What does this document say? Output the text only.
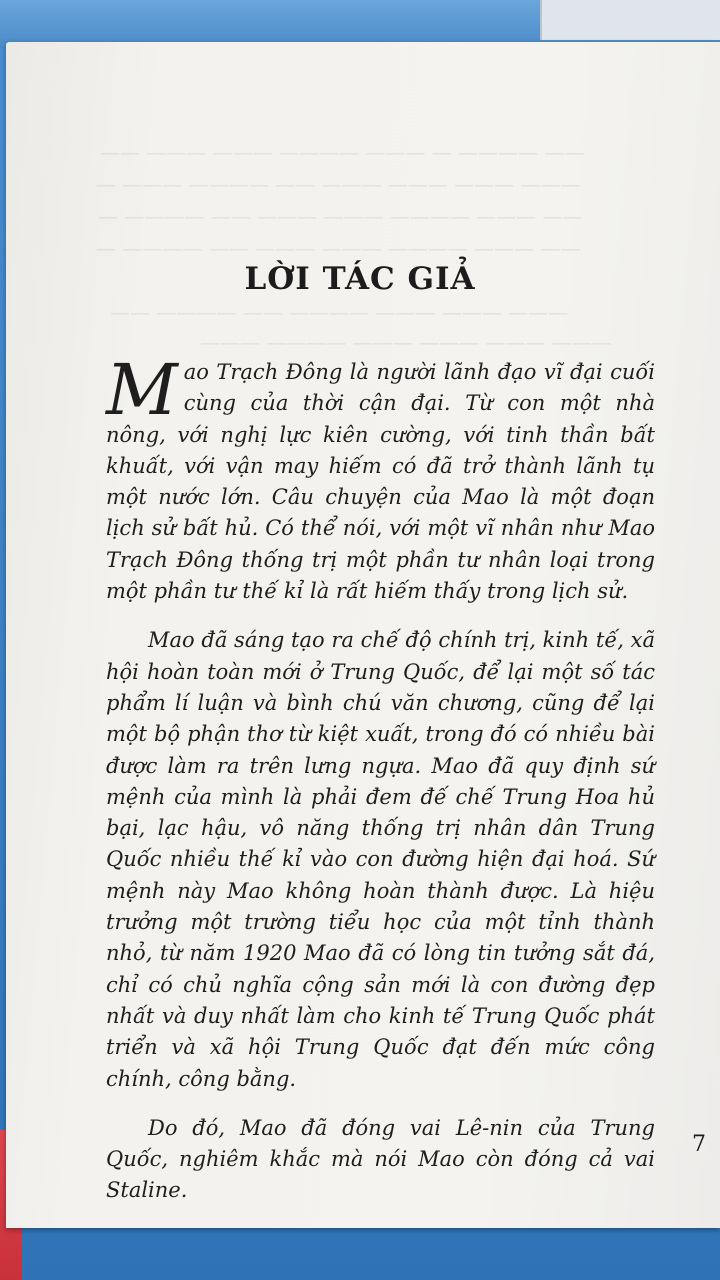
—— ———— — ——— ———— ——— ——— ——
——— ——— ——— ——— —— ———— ——— —
—— ——— ———— ——— ——— —— ———— —
—— ——— ———— ——— ——— —— ———— —
——— ——— ——— ———— —— ———— ——
——— ——— ——— ——— ———— ———
LỜI TÁC GIẢ

Mao Trạch Đông là người lãnh đạo vĩ đại cuối cùng của thời cận đại. Từ con một nhà nông, với nghị lực kiên cường, với tinh thần bất khuất, với vận may hiếm có đã trở thành lãnh tụ một nước lớn. Câu chuyện của Mao là một đoạn lịch sử bất hủ. Có thể nói, với một vĩ nhân như Mao Trạch Đông thống trị một phần tư nhân loại trong một phần tư thế kỉ là rất hiếm thấy trong lịch sử.

Mao đã sáng tạo ra chế độ chính trị, kinh tế, xã hội hoàn toàn mới ở Trung Quốc, để lại một số tác phẩm lí luận và bình chú văn chương, cũng để lại một bộ phận thơ từ kiệt xuất, trong đó có nhiều bài được làm ra trên lưng ngựa. Mao đã quy định sứ mệnh của mình là phải đem đế chế Trung Hoa hủ bại, lạc hậu, vô năng thống trị nhân dân Trung Quốc nhiều thế kỉ vào con đường hiện đại hoá. Sứ mệnh này Mao không hoàn thành được. Là hiệu trưởng một trường tiểu học của một tỉnh thành nhỏ, từ năm 1920 Mao đã có lòng tin tưởng sắt đá, chỉ có chủ nghĩa cộng sản mới là con đường đẹp nhất và duy nhất làm cho kinh tế Trung Quốc phát triển và xã hội Trung Quốc đạt đến mức công chính, công bằng.

Do đó, Mao đã đóng vai Lê-nin của Trung Quốc, nghiêm khắc mà nói Mao còn đóng cả vai Staline.

7
